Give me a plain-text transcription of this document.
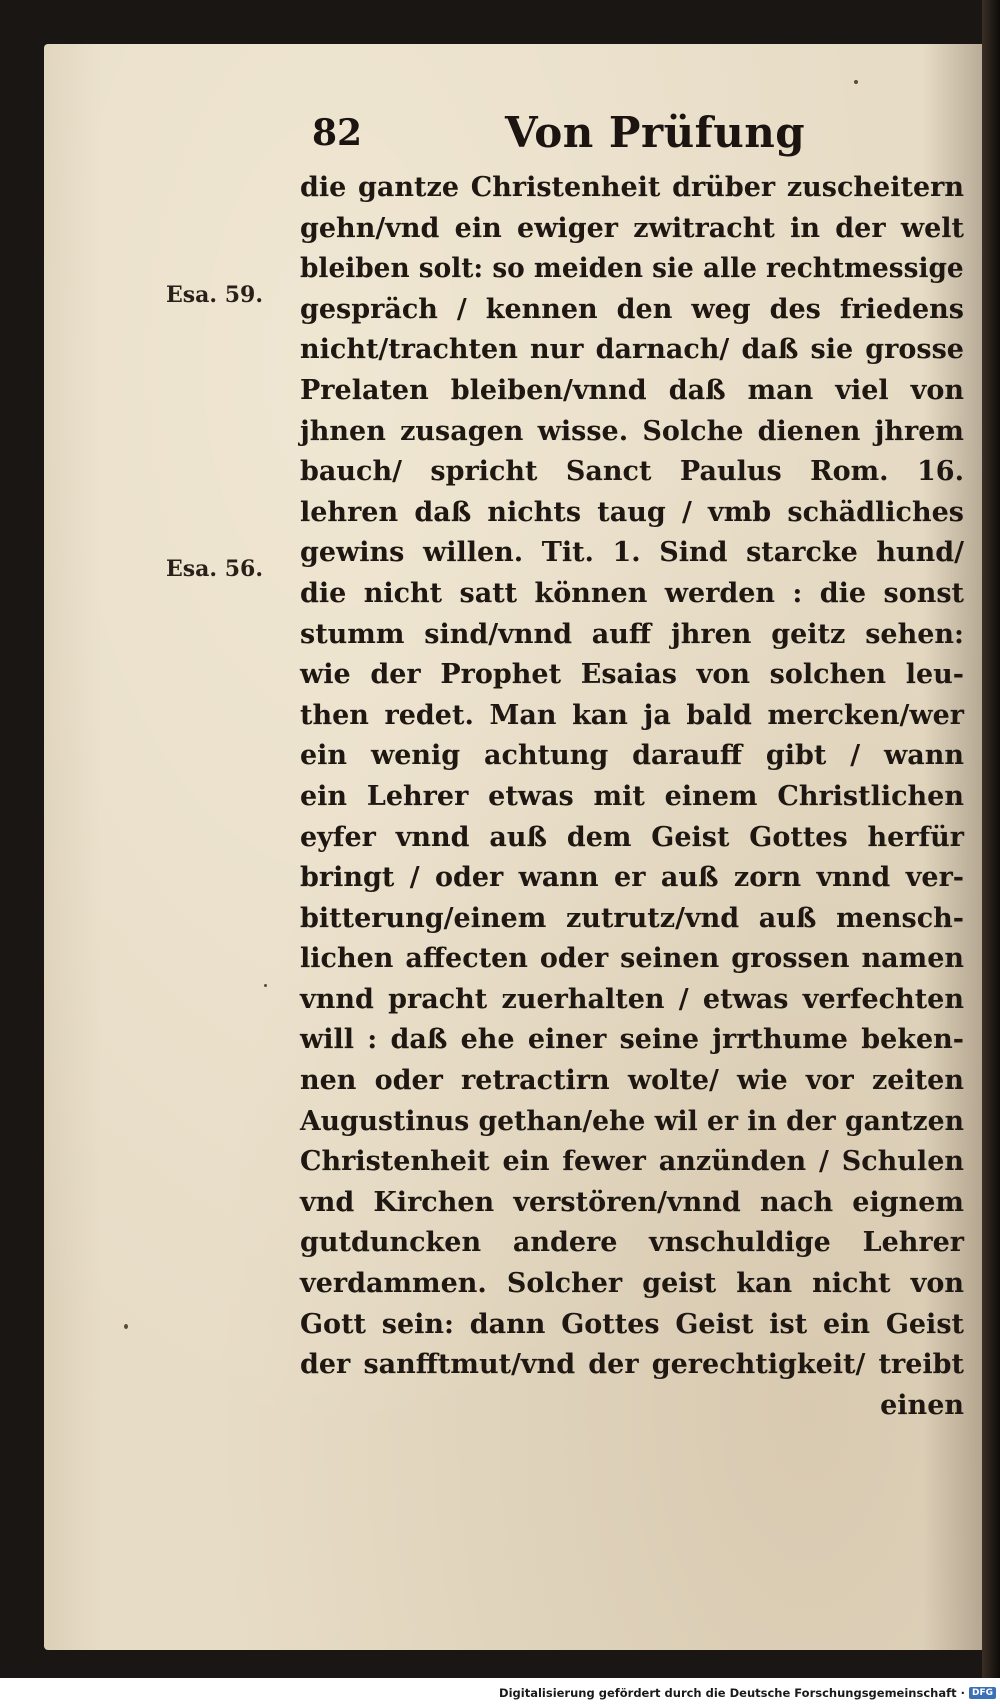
82	Von Prüfung
Esa. 59.
Esa. 56.
die gantze Christenheit drüber zuscheitern
gehn/vnd ein ewiger zwitracht in der welt
bleiben solt: so meiden sie alle rechtmessige
gespräch / kennen den weg des friedens
nicht/trachten nur darnach/ daß sie grosse
Prelaten bleiben/vnnd daß man viel von
jhnen zusagen wisse. Solche dienen jhrem
bauch/ spricht Sanct Paulus Rom. 16.
lehren daß nichts taug / vmb schädliches
gewins willen. Tit. 1. Sind starcke hund/
die nicht satt können werden : die sonst
stumm sind/vnnd auff jhren geitz sehen:
wie der Prophet Esaias von solchen leu-
then redet. Man kan ja bald mercken/wer
ein wenig achtung darauff gibt / wann
ein Lehrer etwas mit einem Christlichen
eyfer vnnd auß dem Geist Gottes herfür
bringt / oder wann er auß zorn vnnd ver-
bitterung/einem zutrutz/vnd auß mensch-
lichen affecten oder seinen grossen namen
vnnd pracht zuerhalten / etwas verfechten
will : daß ehe einer seine jrrthume beken-
nen oder retractirn wolte/ wie vor zeiten
Augustinus gethan/ehe wil er in der gantzen
Christenheit ein fewer anzünden / Schulen
vnd Kirchen verstören/vnnd nach eignem
gutduncken andere vnschuldige Lehrer
verdammen. Solcher geist kan nicht von
Gott sein: dann Gottes Geist ist ein Geist
der sanfftmut/vnd der gerechtigkeit/ treibt
einen
Digitalisierung gefördert durch die Deutsche Forschungsgemeinschaft · DFG
